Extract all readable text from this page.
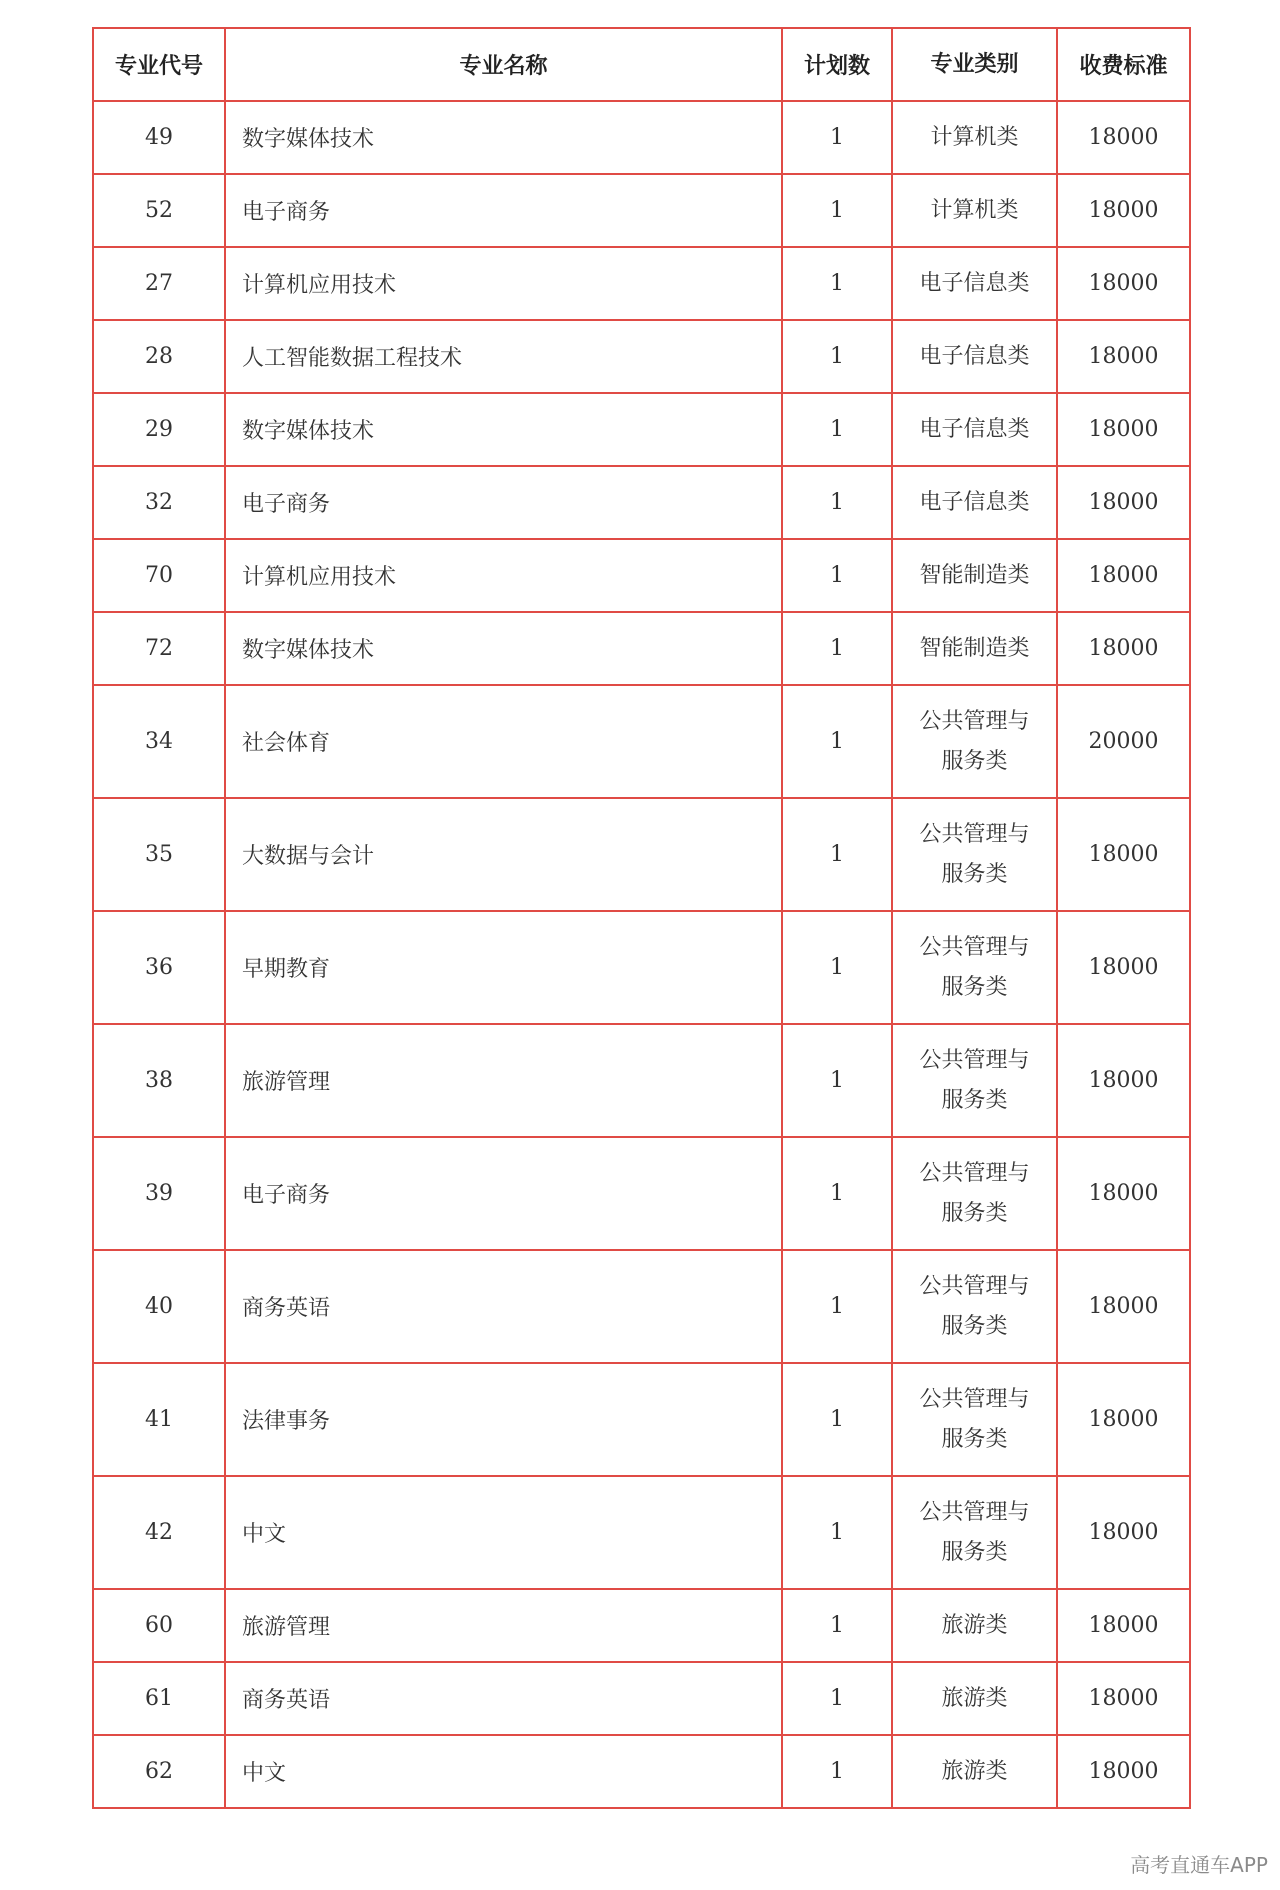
专业代号	专业名称	计划数	专业类别	收费标准
49	数字媒体技术	1	计算机类	18000
52	电子商务	1	计算机类	18000
27	计算机应用技术	1	电子信息类	18000
28	人工智能数据工程技术	1	电子信息类	18000
29	数字媒体技术	1	电子信息类	18000
32	电子商务	1	电子信息类	18000
70	计算机应用技术	1	智能制造类	18000
72	数字媒体技术	1	智能制造类	18000
34	社会体育	1	公共管理与服务类	20000
35	大数据与会计	1	公共管理与服务类	18000
36	早期教育	1	公共管理与服务类	18000
38	旅游管理	1	公共管理与服务类	18000
39	电子商务	1	公共管理与服务类	18000
40	商务英语	1	公共管理与服务类	18000
41	法律事务	1	公共管理与服务类	18000
42	中文	1	公共管理与服务类	18000
60	旅游管理	1	旅游类	18000
61	商务英语	1	旅游类	18000
62	中文	1	旅游类	18000
高考直通车APP
